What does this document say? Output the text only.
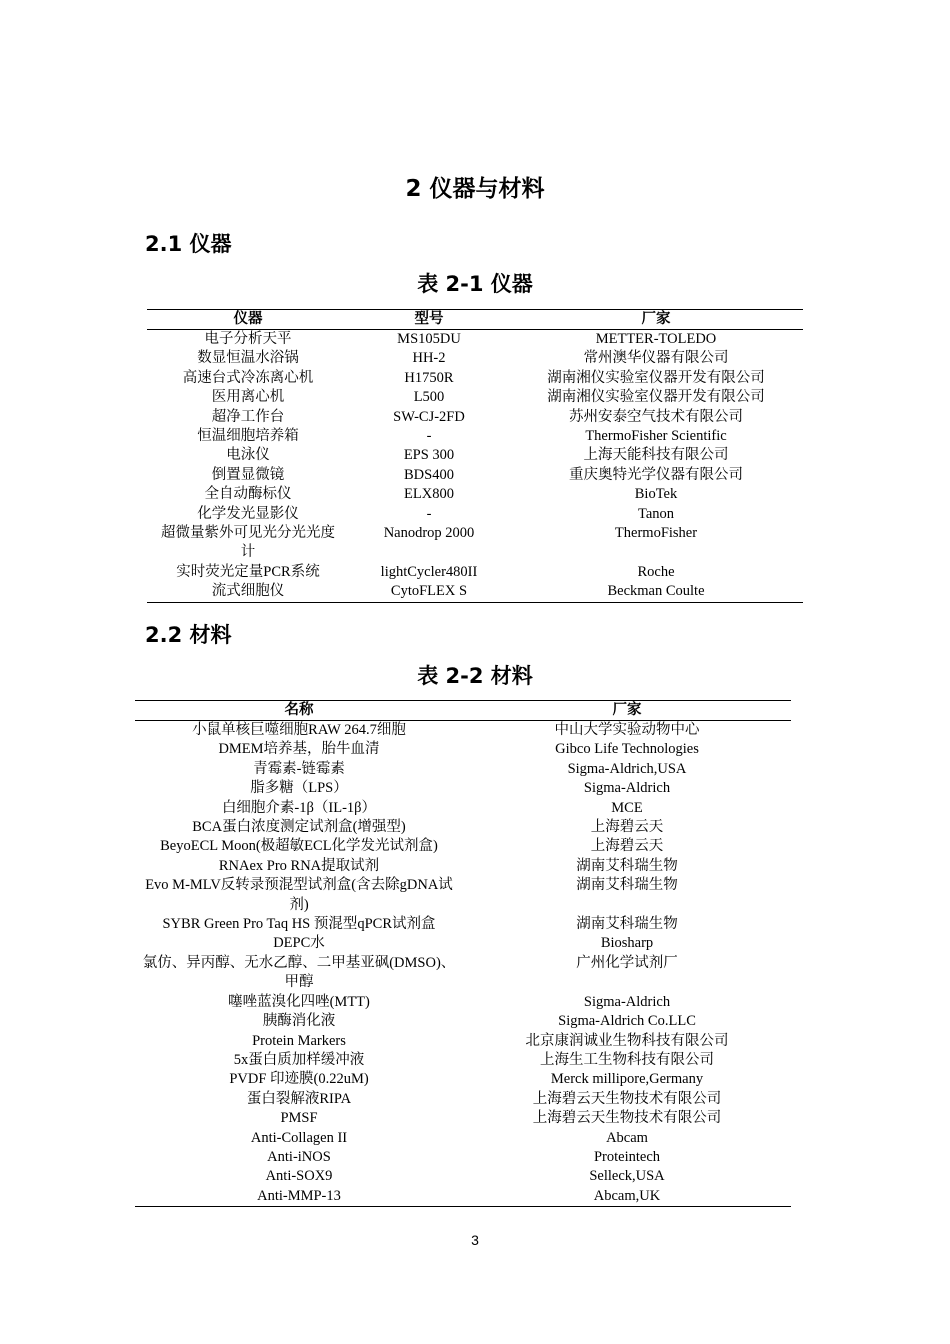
2 仪器与材料
2.1 仪器
表 2-1 仪器
仪器	型号	厂家
电子分析天平	MS105DU	METTER-TOLEDO
数显恒温水浴锅	HH-2	常州澳华仪器有限公司
高速台式冷冻离心机	H1750R	湖南湘仪实验室仪器开发有限公司
医用离心机	L500	湖南湘仪实验室仪器开发有限公司
超净工作台	SW-CJ-2FD	苏州安泰空气技术有限公司
恒温细胞培养箱	-	ThermoFisher Scientific
电泳仪	EPS 300	上海天能科技有限公司
倒置显微镜	BDS400	重庆奥特光学仪器有限公司
全自动酶标仪	ELX800	BioTek
化学发光显影仪	-	Tanon
超微量紫外可见光分光光度计	Nanodrop 2000	ThermoFisher
实时荧光定量PCR系统	lightCycler480II	Roche
流式细胞仪	CytoFLEX S	Beckman Coulte
2.2 材料
表 2-2 材料
名称	厂家
小鼠单核巨噬细胞RAW 264.7细胞	中山大学实验动物中心
DMEM培养基，胎牛血清	Gibco Life Technologies
青霉素-链霉素	Sigma-Aldrich,USA
脂多糖（LPS）	Sigma-Aldrich
白细胞介素-1β（IL-1β）	MCE
BCA蛋白浓度测定试剂盒(增强型)	上海碧云天
BeyoECL Moon(极超敏ECL化学发光试剂盒)	上海碧云天
RNAex Pro RNA提取试剂	湖南艾科瑞生物
Evo M-MLV反转录预混型试剂盒(含去除gDNA试剂)	湖南艾科瑞生物
SYBR Green Pro Taq HS 预混型qPCR试剂盒	湖南艾科瑞生物
DEPC水	Biosharp
氯仿、异丙醇、无水乙醇、二甲基亚砜(DMSO)、甲醇	广州化学试剂厂
噻唑蓝溴化四唑(MTT)	Sigma-Aldrich
胰酶消化液	Sigma-Aldrich Co.LLC
Protein Markers	北京康润诚业生物科技有限公司
5x蛋白质加样缓冲液	上海生工生物科技有限公司
PVDF 印迹膜(0.22uM)	Merck millipore,Germany
蛋白裂解液RIPA	上海碧云天生物技术有限公司
PMSF	上海碧云天生物技术有限公司
Anti-Collagen II	Abcam
Anti-iNOS	Proteintech
Anti-SOX9	Selleck,USA
Anti-MMP-13	Abcam,UK
3
